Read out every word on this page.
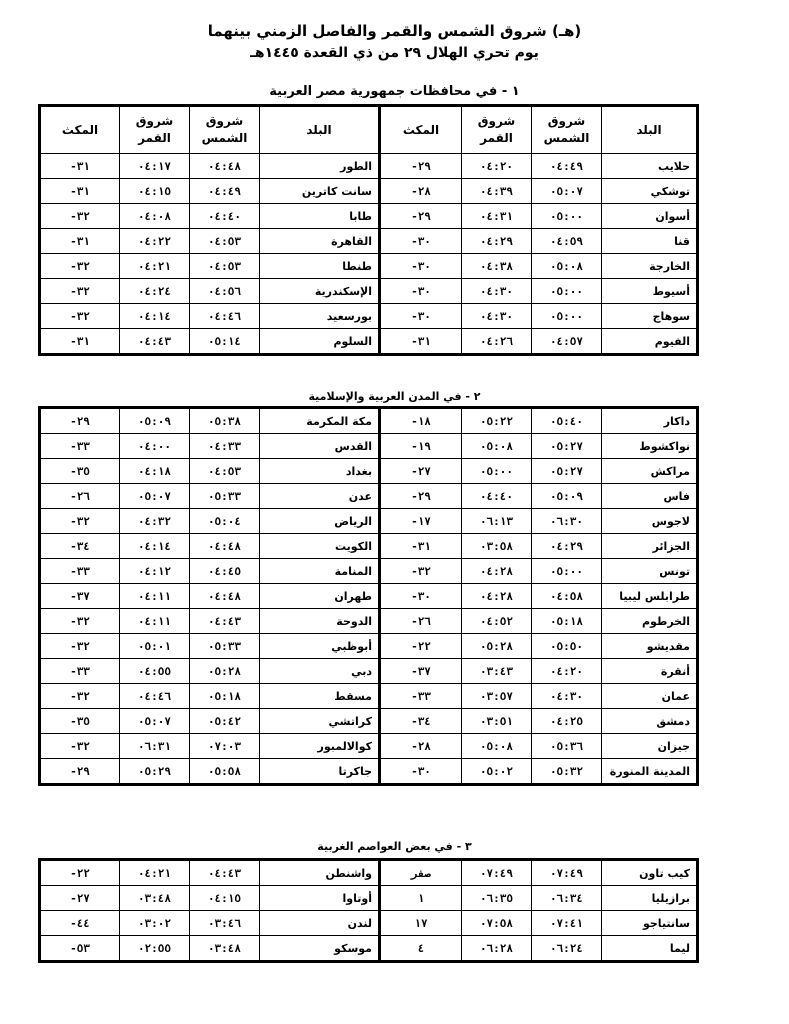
(هـ) شروق الشمس والقمر والفاصل الزمني بينهما
يوم تحري الهلال ٢٩ من ذي القعدة ١٤٤٥هـ
١ - في محافظات جمهورية مصر العربية
البلد	شروق الشمس	شروق القمر	المكث	البلد	شروق الشمس	شروق القمر	المكث
حلايب	٠٤:٤٩	٠٤:٢٠	٢٩-	الطور	٠٤:٤٨	٠٤:١٧	٣١-
توشكي	٠٥:٠٧	٠٤:٣٩	٢٨-	سانت كاترين	٠٤:٤٩	٠٤:١٥	٣١-
أسوان	٠٥:٠٠	٠٤:٣١	٢٩-	طابا	٠٤:٤٠	٠٤:٠٨	٣٢-
قنا	٠٤:٥٩	٠٤:٢٩	٣٠-	القاهرة	٠٤:٥٣	٠٤:٢٢	٣١-
الخارجة	٠٥:٠٨	٠٤:٣٨	٣٠-	طنطا	٠٤:٥٣	٠٤:٢١	٣٢-
أسيوط	٠٥:٠٠	٠٤:٣٠	٣٠-	الإسكندرية	٠٤:٥٦	٠٤:٢٤	٣٢-
سوهاج	٠٥:٠٠	٠٤:٣٠	٣٠-	بورسعيد	٠٤:٤٦	٠٤:١٤	٣٢-
الفيوم	٠٤:٥٧	٠٤:٢٦	٣١-	السلوم	٠٥:١٤	٠٤:٤٣	٣١-
٢ - في المدن العربية والإسلامية
داكار	٠٥:٤٠	٠٥:٢٢	١٨-	مكة المكرمة	٠٥:٣٨	٠٥:٠٩	٢٩-
نواكشوط	٠٥:٢٧	٠٥:٠٨	١٩-	القدس	٠٤:٣٣	٠٤:٠٠	٣٣-
مراكش	٠٥:٢٧	٠٥:٠٠	٢٧-	بغداد	٠٤:٥٣	٠٤:١٨	٣٥-
فاس	٠٥:٠٩	٠٤:٤٠	٢٩-	عدن	٠٥:٣٣	٠٥:٠٧	٢٦-
لاجوس	٠٦:٣٠	٠٦:١٣	١٧-	الرياض	٠٥:٠٤	٠٤:٣٢	٣٢-
الجزائر	٠٤:٢٩	٠٣:٥٨	٣١-	الكويت	٠٤:٤٨	٠٤:١٤	٣٤-
تونس	٠٥:٠٠	٠٤:٢٨	٣٢-	المنامة	٠٤:٤٥	٠٤:١٢	٣٣-
طرابلس ليبيا	٠٤:٥٨	٠٤:٢٨	٣٠-	طهران	٠٤:٤٨	٠٤:١١	٣٧-
الخرطوم	٠٥:١٨	٠٤:٥٢	٢٦-	الدوحة	٠٤:٤٣	٠٤:١١	٣٢-
مقديشو	٠٥:٥٠	٠٥:٢٨	٢٢-	أبوظبي	٠٥:٣٣	٠٥:٠١	٣٢-
أنقرة	٠٤:٢٠	٠٣:٤٣	٣٧-	دبي	٠٥:٢٨	٠٤:٥٥	٣٣-
عمان	٠٤:٣٠	٠٣:٥٧	٣٣-	مسقط	٠٥:١٨	٠٤:٤٦	٣٢-
دمشق	٠٤:٢٥	٠٣:٥١	٣٤-	كراتشي	٠٥:٤٢	٠٥:٠٧	٣٥-
جيزان	٠٥:٣٦	٠٥:٠٨	٢٨-	كوالالمبور	٠٧:٠٣	٠٦:٣١	٣٢-
المدينة المنورة	٠٥:٣٢	٠٥:٠٢	٣٠-	جاكرتا	٠٥:٥٨	٠٥:٢٩	٢٩-
٣ - في بعض العواصم الغربية
كيب تاون	٠٧:٤٩	٠٧:٤٩	صفر	واشنطن	٠٤:٤٣	٠٤:٢١	٢٢-
برازيليا	٠٦:٣٤	٠٦:٣٥	١	أوتاوا	٠٤:١٥	٠٣:٤٨	٢٧-
سانتياجو	٠٧:٤١	٠٧:٥٨	١٧	لندن	٠٣:٤٦	٠٣:٠٢	٤٤-
ليما	٠٦:٢٤	٠٦:٢٨	٤	موسكو	٠٣:٤٨	٠٢:٥٥	٥٣-
